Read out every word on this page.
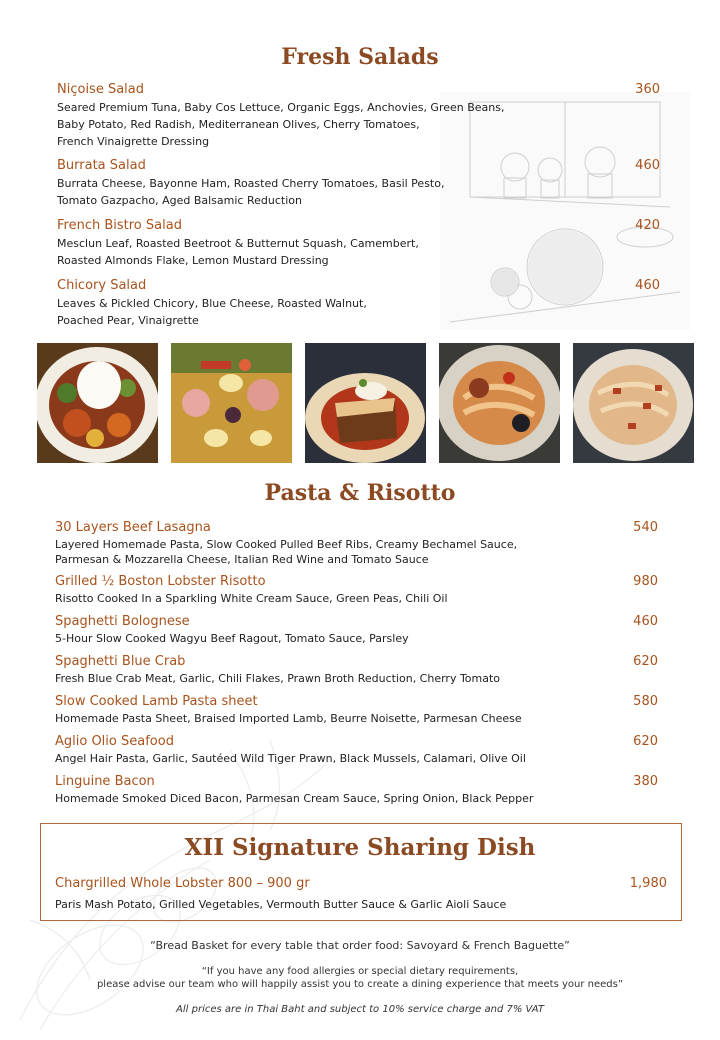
Fresh Salads
Niçoise Salad	360
Seared Premium Tuna, Baby Cos Lettuce, Organic Eggs, Anchovies, Green Beans,
Baby Potato, Red Radish, Mediterranean Olives, Cherry Tomatoes,
French Vinaigrette Dressing
Burrata Salad	460
Burrata Cheese, Bayonne Ham, Roasted Cherry Tomatoes, Basil Pesto,
Tomato Gazpacho, Aged Balsamic Reduction
French Bistro Salad	420
Mesclun Leaf, Roasted Beetroot & Butternut Squash, Camembert,
Roasted Almonds Flake, Lemon Mustard Dressing
Chicory Salad	460
Leaves & Pickled Chicory, Blue Cheese, Roasted Walnut,
Poached Pear, Vinaigrette
Pasta & Risotto
30 Layers Beef Lasagna	540
Layered Homemade Pasta, Slow Cooked Pulled Beef Ribs, Creamy Bechamel Sauce,
Parmesan & Mozzarella Cheese, Italian Red Wine and Tomato Sauce
Grilled ½ Boston Lobster Risotto	980
Risotto Cooked In a Sparkling White Cream Sauce, Green Peas, Chili Oil
Spaghetti Bolognese	460
5-Hour Slow Cooked Wagyu Beef Ragout, Tomato Sauce, Parsley
Spaghetti Blue Crab	620
Fresh Blue Crab Meat, Garlic, Chili Flakes, Prawn Broth Reduction, Cherry Tomato
Slow Cooked Lamb Pasta sheet	580
Homemade Pasta Sheet, Braised Imported Lamb, Beurre Noisette, Parmesan Cheese
Aglio Olio Seafood	620
Angel Hair Pasta, Garlic, Sautéed Wild Tiger Prawn, Black Mussels, Calamari, Olive Oil
Linguine Bacon	380
Homemade Smoked Diced Bacon, Parmesan Cream Sauce, Spring Onion, Black Pepper
XII Signature Sharing Dish
Chargrilled Whole Lobster 800 – 900 gr	1,980
Paris Mash Potato, Grilled Vegetables, Vermouth Butter Sauce & Garlic Aioli Sauce
“Bread Basket for every table that order food: Savoyard & French Baguette”
“If you have any food allergies or special dietary requirements,
please advise our team who will happily assist you to create a dining experience that meets your needs”
All prices are in Thai Baht and subject to 10% service charge and 7% VAT
